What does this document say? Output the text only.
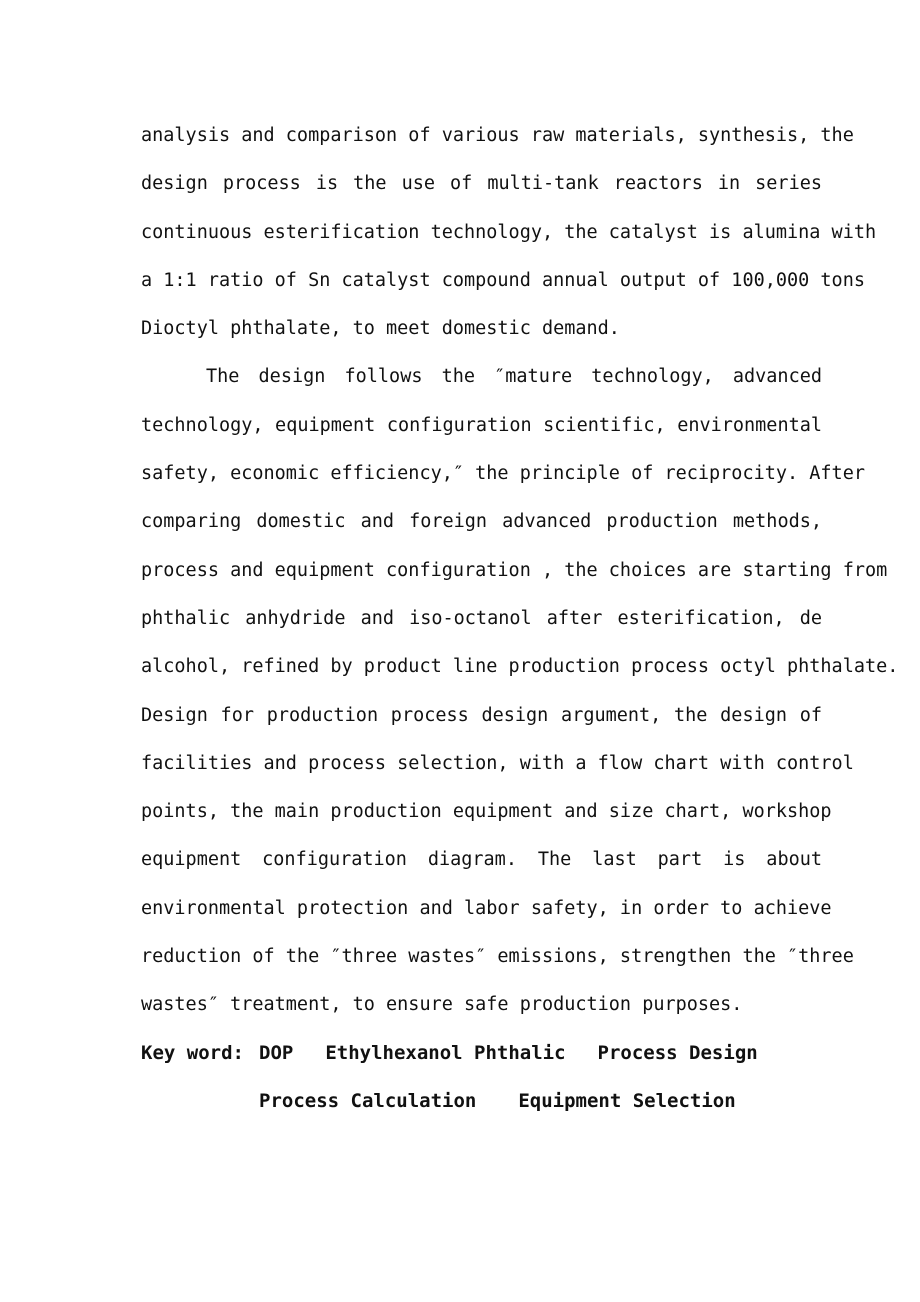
analysis and comparison of various raw materials, synthesis, the
design process is the use of multi-tank reactors in series
continuous esterification technology, the catalyst is alumina with
a 1:1 ratio of Sn catalyst compound annual output of 100,000 tons
Dioctyl phthalate, to meet domestic demand.
The design follows the ″mature technology, advanced
technology, equipment configuration scientific, environmental
safety, economic efficiency,″ the principle of reciprocity. After
comparing domestic and foreign advanced production methods,
process and equipment configuration , the choices are starting from
phthalic anhydride and iso-octanol after esterification, de
alcohol, refined by product line production process octyl phthalate.
Design for production process design argument, the design of
facilities and process selection, with a flow chart with control
points, the main production equipment and size chart, workshop
equipment configuration diagram. The last part is about
environmental protection and labor safety, in order to achieve
reduction of the ″three wastes″ emissions, strengthen the ″three
wastes″ treatment, to ensure safe production purposes.
Key word: DOP Ethylhexanol Phthalic Process Design
Process Calculation Equipment Selection
